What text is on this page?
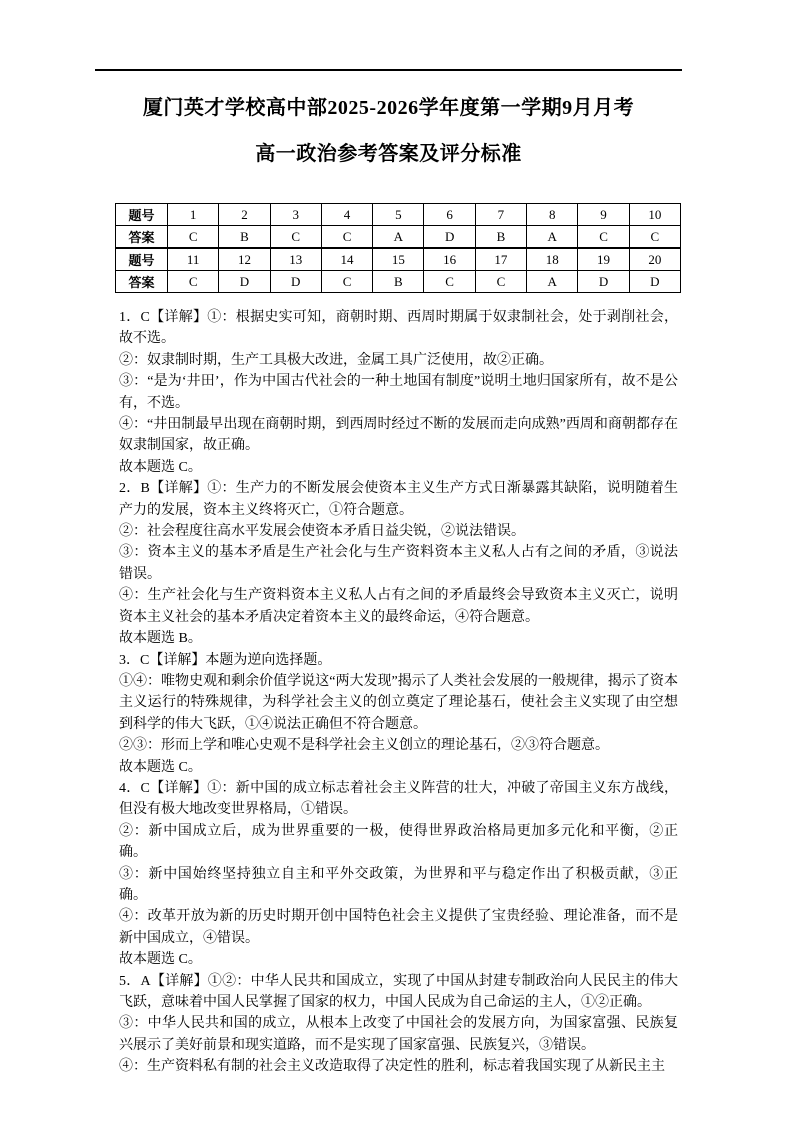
厦门英才学校高中部2025-2026学年度第一学期9月月考

高一政治参考答案及评分标准

题号	1	2	3	4	5	6	7	8	9	10
答案	C	B	C	C	A	D	B	A	C	C
题号	11	12	13	14	15	16	17	18	19	20
答案	C	D	D	C	B	C	C	A	D	D

1．C【详解】①：根据史实可知，商朝时期、西周时期属于奴隶制社会，处于剥削社会，故不选。

②：奴隶制时期，生产工具极大改进，金属工具广泛使用，故②正确。

③：“是为‘井田’，作为中国古代社会的一种土地国有制度”说明土地归国家所有，故不是公有，不选。

④：“井田制最早出现在商朝时期，到西周时经过不断的发展而走向成熟”西周和商朝都存在奴隶制国家，故正确。

故本题选 C。

2．B【详解】①：生产力的不断发展会使资本主义生产方式日渐暴露其缺陷，说明随着生产力的发展，资本主义终将灭亡，①符合题意。

②：社会程度往高水平发展会使资本矛盾日益尖锐，②说法错误。

③：资本主义的基本矛盾是生产社会化与生产资料资本主义私人占有之间的矛盾，③说法错误。

④：生产社会化与生产资料资本主义私人占有之间的矛盾最终会导致资本主义灭亡，说明资本主义社会的基本矛盾决定着资本主义的最终命运，④符合题意。

故本题选 B。

3．C【详解】本题为逆向选择题。

①④：唯物史观和剩余价值学说这“两大发现”揭示了人类社会发展的一般规律，揭示了资本主义运行的特殊规律，为科学社会主义的创立奠定了理论基石，使社会主义实现了由空想到科学的伟大飞跃，①④说法正确但不符合题意。

②③：形而上学和唯心史观不是科学社会主义创立的理论基石，②③符合题意。

故本题选 C。

4．C【详解】①：新中国的成立标志着社会主义阵营的壮大，冲破了帝国主义东方战线，但没有极大地改变世界格局，①错误。

②：新中国成立后，成为世界重要的一极，使得世界政治格局更加多元化和平衡，②正确。

③：新中国始终坚持独立自主和平外交政策，为世界和平与稳定作出了积极贡献，③正确。

④：改革开放为新的历史时期开创中国特色社会主义提供了宝贵经验、理论准备，而不是新中国成立，④错误。

故本题选 C。

5．A【详解】①②：中华人民共和国成立，实现了中国从封建专制政治向人民民主的伟大飞跃，意味着中国人民掌握了国家的权力，中国人民成为自己命运的主人，①②正确。

③：中华人民共和国的成立，从根本上改变了中国社会的发展方向，为国家富强、民族复兴展示了美好前景和现实道路，而不是实现了国家富强、民族复兴，③错误。

④：生产资料私有制的社会主义改造取得了决定性的胜利，标志着我国实现了从新民主主
